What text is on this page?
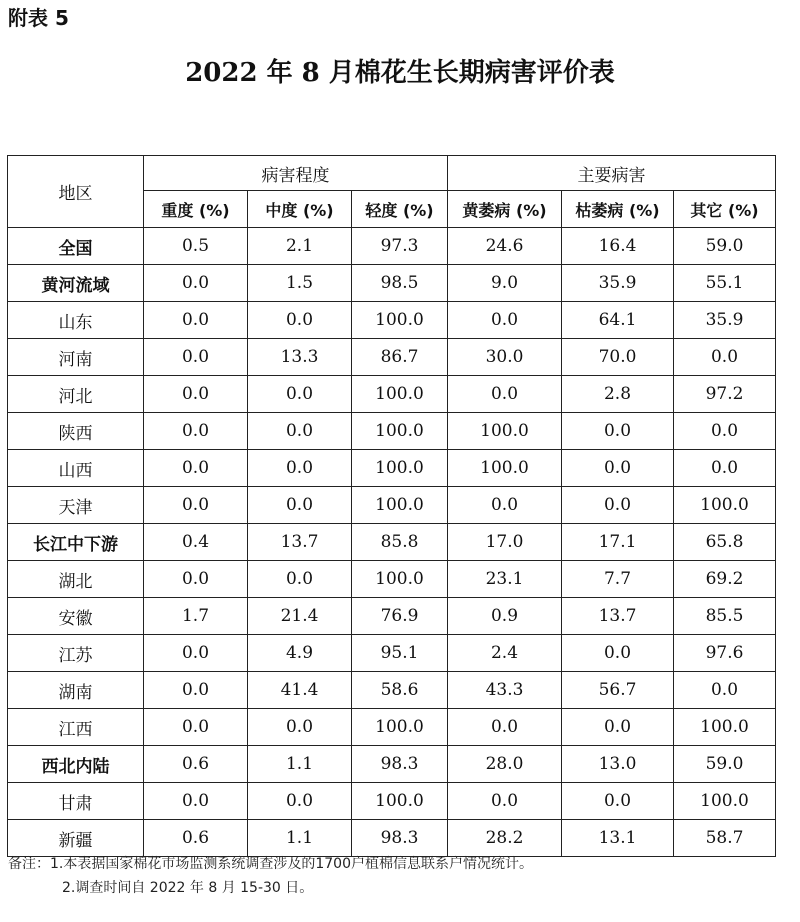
附表 5
2022 年 8 月棉花生长期病害评价表
地区	病害程度			主要病害		
	重度 (%)	中度 (%)	轻度 (%)	黄萎病 (%)	枯萎病 (%)	其它 (%)
全国	0.5	2.1	97.3	24.6	16.4	59.0
黄河流域	0.0	1.5	98.5	9.0	35.9	55.1
山东	0.0	0.0	100.0	0.0	64.1	35.9
河南	0.0	13.3	86.7	30.0	70.0	0.0
河北	0.0	0.0	100.0	0.0	2.8	97.2
陕西	0.0	0.0	100.0	100.0	0.0	0.0
山西	0.0	0.0	100.0	100.0	0.0	0.0
天津	0.0	0.0	100.0	0.0	0.0	100.0
长江中下游	0.4	13.7	85.8	17.0	17.1	65.8
湖北	0.0	0.0	100.0	23.1	7.7	69.2
安徽	1.7	21.4	76.9	0.9	13.7	85.5
江苏	0.0	4.9	95.1	2.4	0.0	97.6
湖南	0.0	41.4	58.6	43.3	56.7	0.0
江西	0.0	0.0	100.0	0.0	0.0	100.0
西北内陆	0.6	1.1	98.3	28.0	13.0	59.0
甘肃	0.0	0.0	100.0	0.0	0.0	100.0
新疆	0.6	1.1	98.3	28.2	13.1	58.7
备注：1.本表据国家棉花市场监测系统调查涉及的1700户植棉信息联系户情况统计。
2.调查时间自 2022 年 8 月 15-30 日。
